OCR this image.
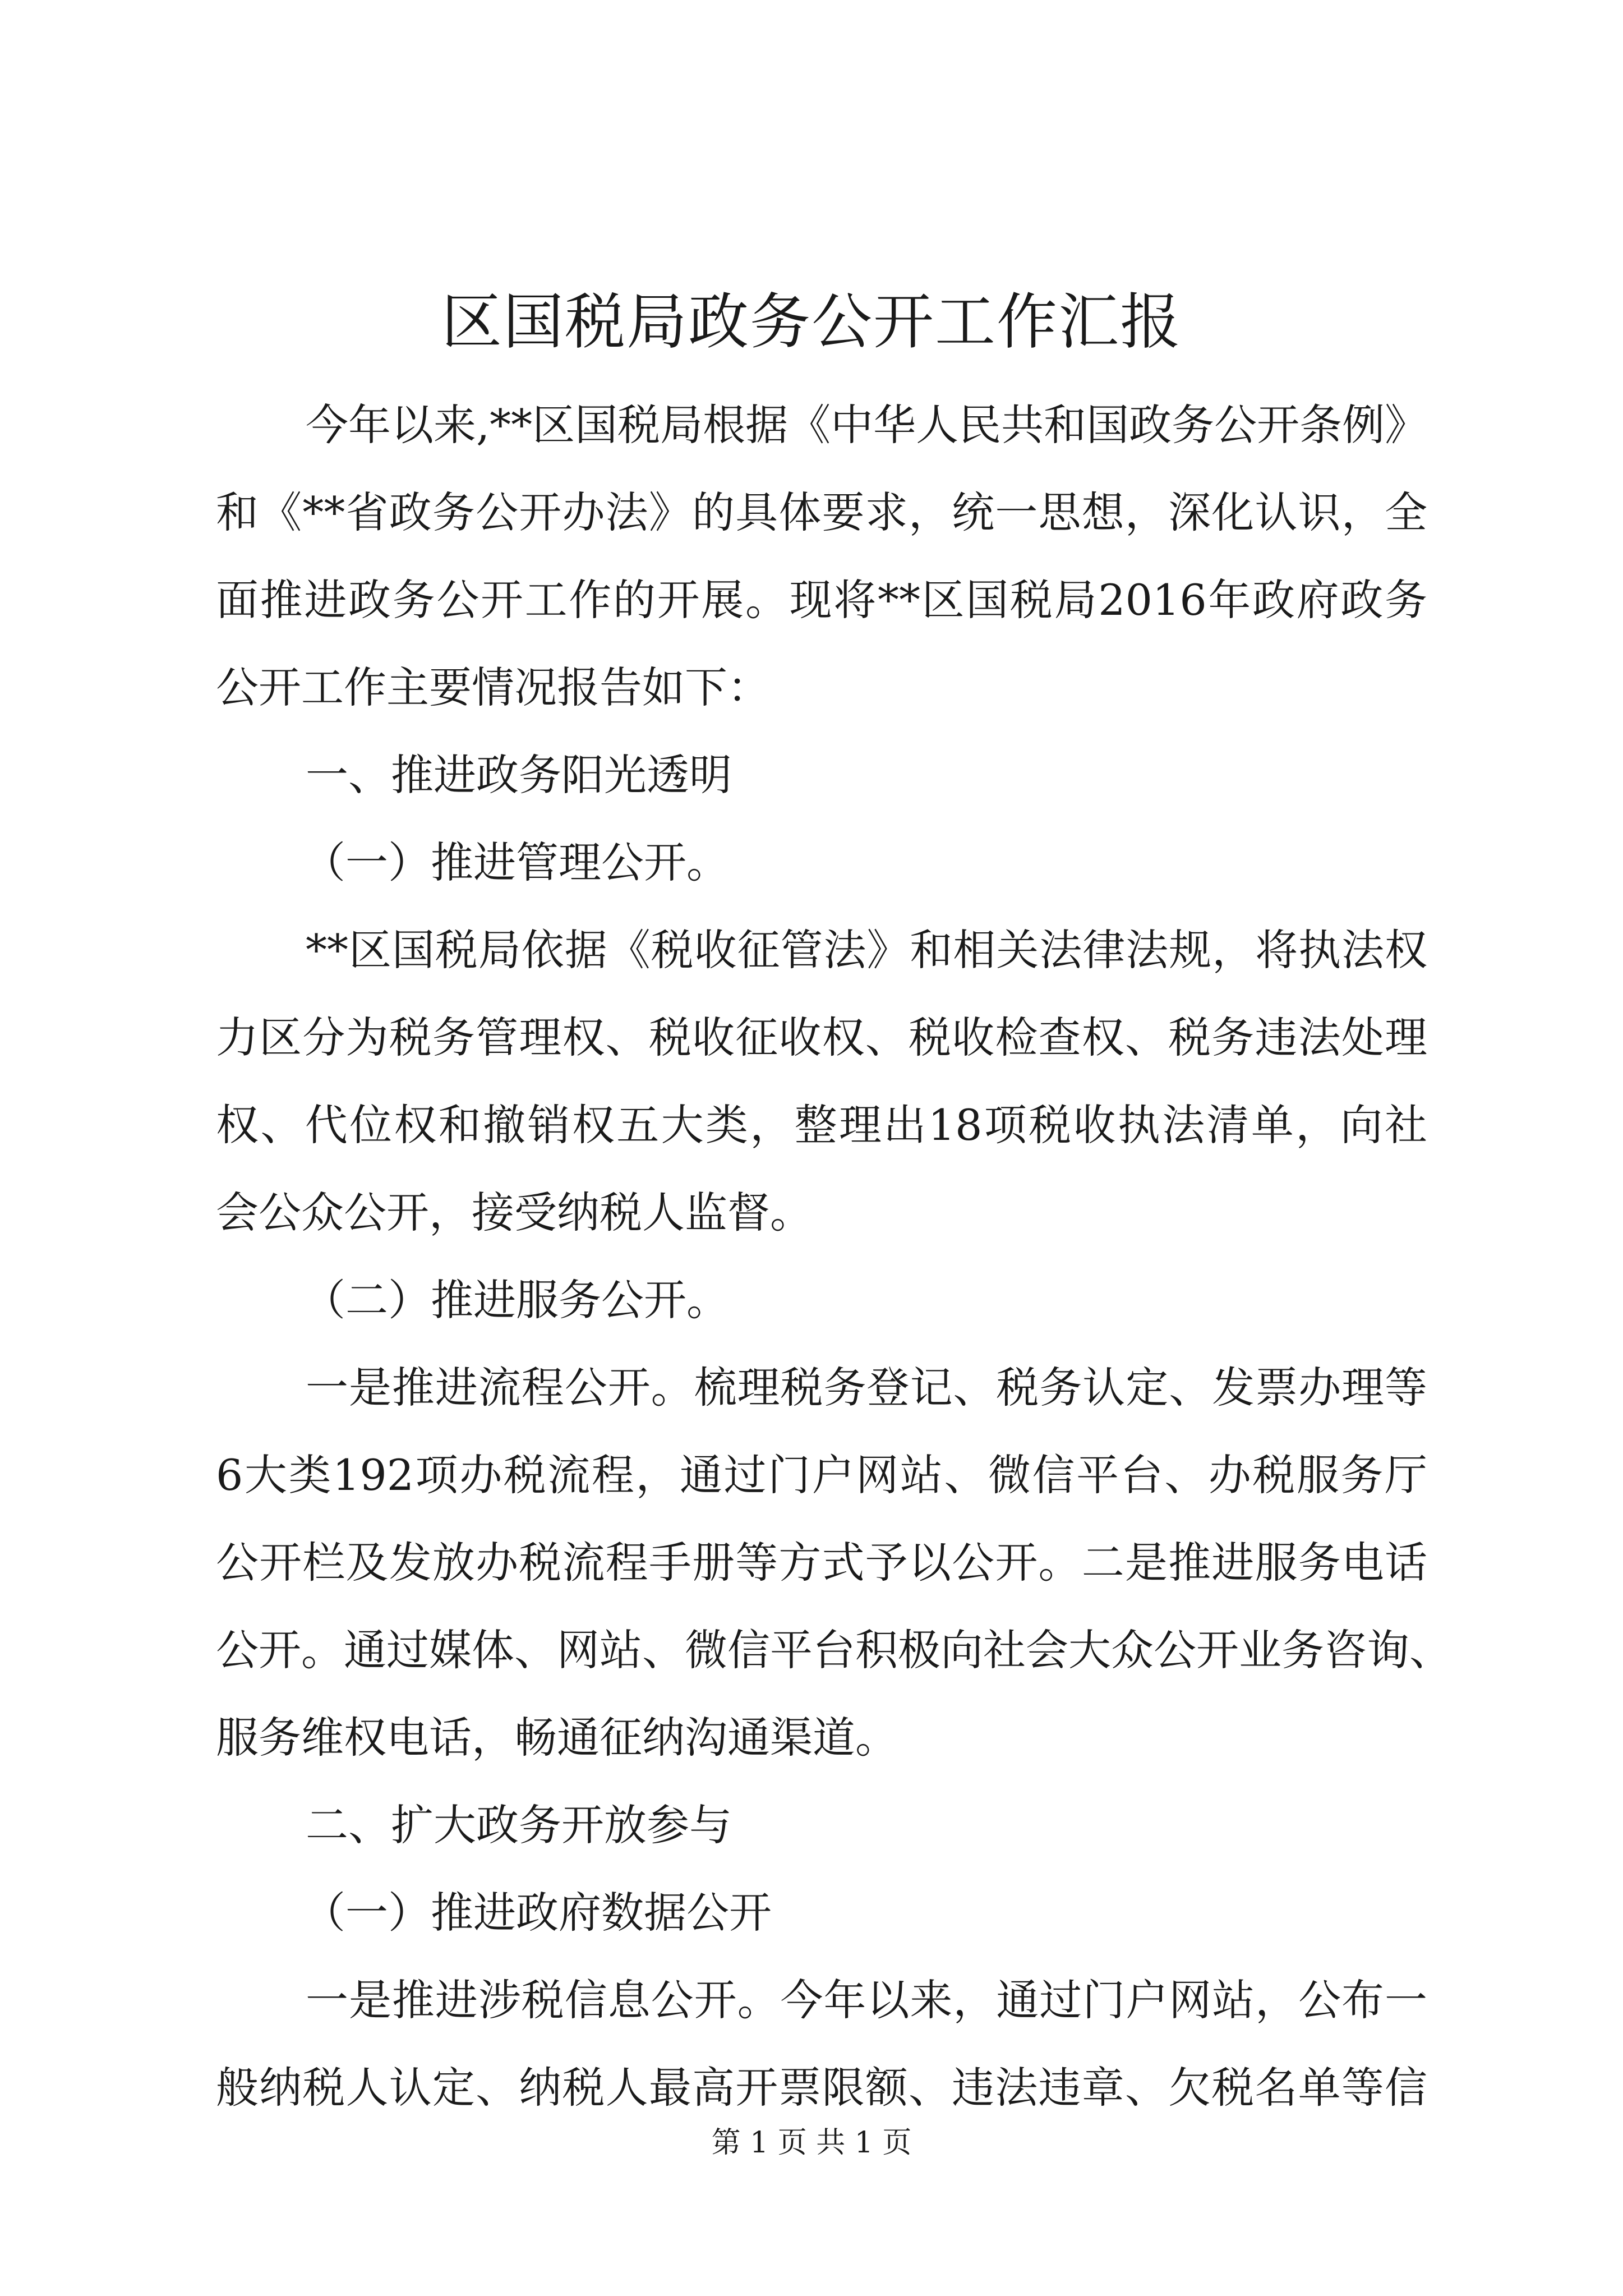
区国税局政务公开工作汇报
今年以来,**区国税局根据《中华人民共和国政务公开条例》
和《**省政务公开办法》的具体要求，统一思想，深化认识，全
面推进政务公开工作的开展。现将**区国税局2016年政府政务
公开工作主要情况报告如下：
一、推进政务阳光透明
（一）推进管理公开。
**区国税局依据《税收征管法》和相关法律法规，将执法权
力区分为税务管理权、税收征收权、税收检查权、税务违法处理
权、代位权和撤销权五大类，整理出18项税收执法清单，向社
会公众公开，接受纳税人监督。
（二）推进服务公开。
一是推进流程公开。梳理税务登记、税务认定、发票办理等
6大类192项办税流程，通过门户网站、微信平台、办税服务厅
公开栏及发放办税流程手册等方式予以公开。二是推进服务电话
公开。通过媒体、网站、微信平台积极向社会大众公开业务咨询、
服务维权电话，畅通征纳沟通渠道。
二、扩大政务开放参与
（一）推进政府数据公开
一是推进涉税信息公开。今年以来，通过门户网站，公布一
般纳税人认定、纳税人最高开票限额、违法违章、欠税名单等信
第 1 页 共 1 页
